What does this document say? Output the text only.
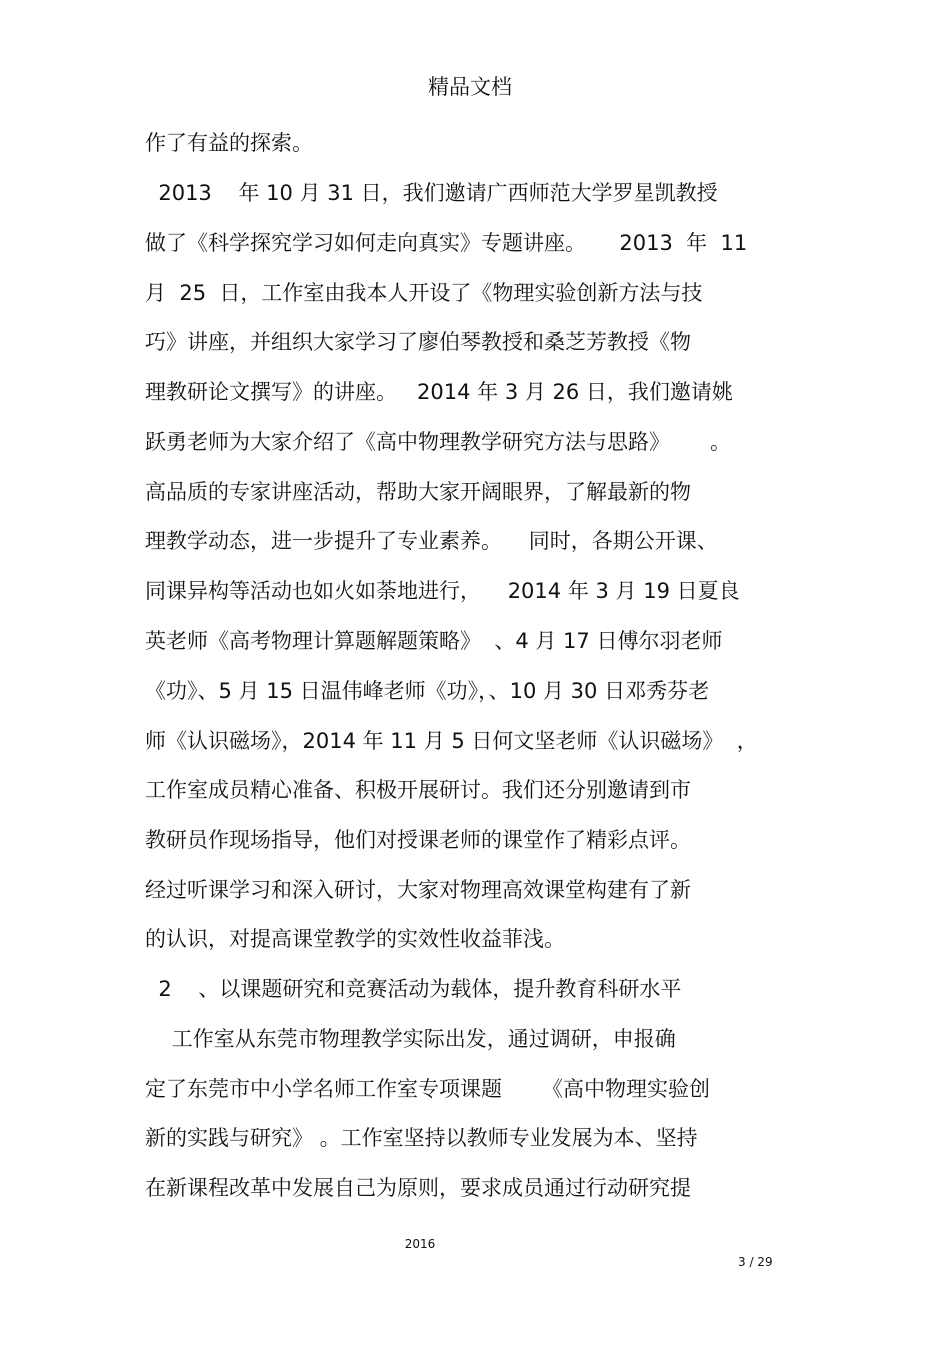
精品文档
作了有益的探索。
2013    年 10 月 31 日，我们邀请广西师范大学罗星凯教授
做了《科学探究学习如何走向真实》专题讲座。     2013  年  11
月  25  日，工作室由我本人开设了《物理实验创新方法与技
巧》讲座，并组织大家学习了廖伯琴教授和桑芝芳教授《物
理教研论文撰写》的讲座。   2014 年 3 月 26 日，我们邀请姚
跃勇老师为大家介绍了《高中物理教学研究方法与思路》      。
高品质的专家讲座活动，帮助大家开阔眼界，了解最新的物
理教学动态，进一步提升了专业素养。    同时，各期公开课、
同课异构等活动也如火如荼地进行，    2014 年 3 月 19 日夏良
英老师《高考物理计算题解题策略》  、4 月 17 日傅尔羽老师
《功》、5 月 15 日温伟峰老师《功》，、10 月 30 日邓秀芬老
师《认识磁场》，2014 年 11 月 5 日何文坚老师《认识磁场》  ，
工作室成员精心准备、积极开展研讨。我们还分别邀请到市
教研员作现场指导，他们对授课老师的课堂作了精彩点评。
经过听课学习和深入研讨，大家对物理高效课堂构建有了新
的认识，对提高课堂教学的实效性收益菲浅。
2    、以课题研究和竞赛活动为载体，提升教育科研水平
工作室从东莞市物理教学实际出发，通过调研，申报确
定了东莞市中小学名师工作室专项课题      《高中物理实验创
新的实践与研究》 。工作室坚持以教师专业发展为本、坚持
在新课程改革中发展自己为原则，要求成员通过行动研究提
2016
3 / 29
